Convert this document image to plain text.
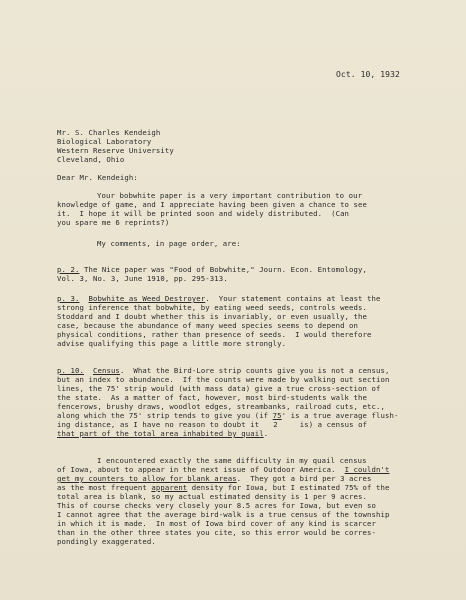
Oct. 10, 1932

Mr. S. Charles Kendeigh

Biological Laboratory

Western Reserve University

Cleveland, Ohio

Dear Mr. Kendeigh:

Your bobwhite paper is a very important contribution to our

knowledge of game, and I appreciate having been given a chance to see

it.  I hope it will be printed soon and widely distributed.  (Can

you spare me 6 reprints?)

My comments, in page order, are:

p. 2. The Nice paper was "Food of Bobwhite," Journ. Econ. Entomology,

Vol. 3, No. 3, June 1910, pp. 295-313.

p. 3. Bobwhite as Weed Destroyer.  Your statement contains at least the

strong inference that bobwhite, by eating weed seeds, controls weeds.

Stoddard and I doubt whether this is invariably, or even usually, the

case, because the abundance of many weed species seems to depend on

physical conditions, rather than presence of seeds.  I would therefore

advise qualifying this page a little more strongly.

p. 10. Census.  What the Bird-Lore strip counts give you is not a census,

but an index to abundance.  If the counts were made by walking out section

lines, the 75' strip would (with mass data) give a true cross-section of

the state.  As a matter of fact, however, most bird-students walk the

fencerows, brushy draws, woodlot edges, streambanks, railroad cuts, etc.,

along which the 75' strip tends to give you (if 75' is a true average flush-

ing distance, as I have no reason to doubt it 2	is) a census of

that part of the total area inhabited by quail.

I encountered exactly the same difficulty in my quail census

of Iowa, about to appear in the next issue of Outdoor America.  I couldn't

get my counters to allow for blank areas.  They got a bird per 3 acres

as the most frequent apparent density for Iowa, but I estimated 75% of the

total area is blank, so my actual estimated density is 1 per 9 acres.

This of course checks very closely your 8.5 acres for Iowa, but even so

I cannot agree that the average bird-walk is a true census of the township

in which it is made.  In most of Iowa bird cover of any kind is scarcer

than in the other three states you cite, so this error would be corres-

pondingly exaggerated.
